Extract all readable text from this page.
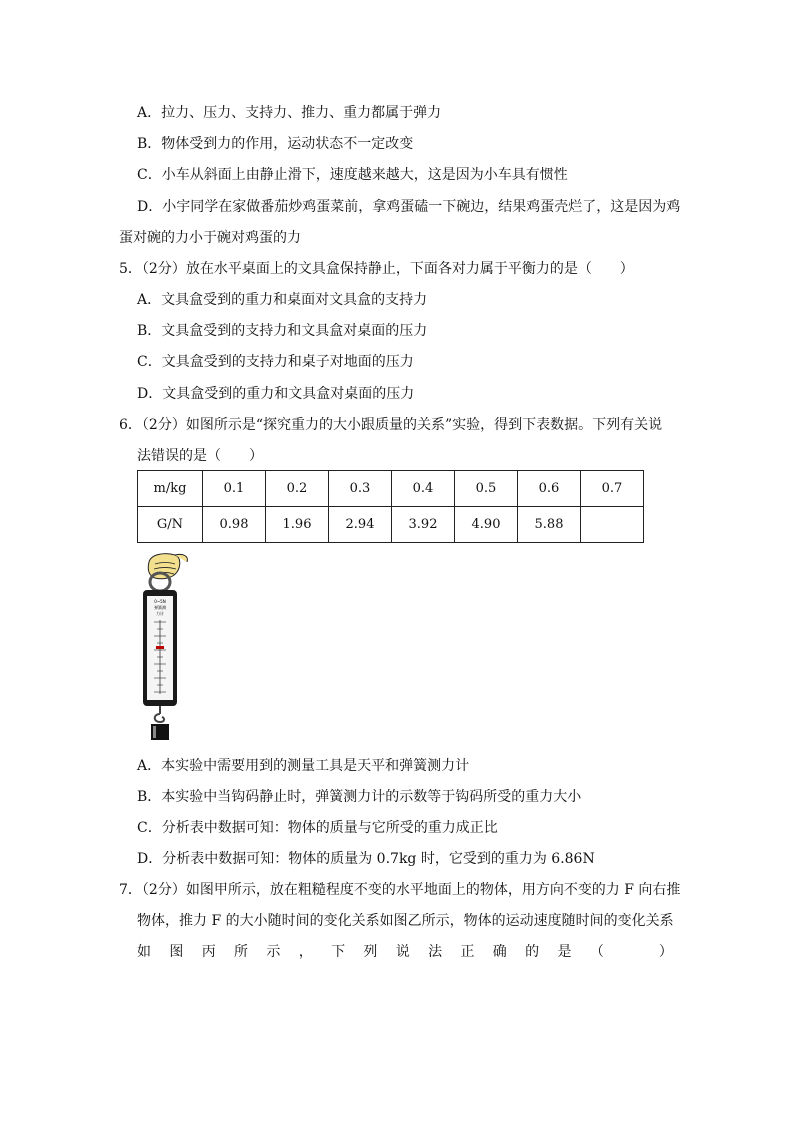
A．拉力、压力、支持力、推力、重力都属于弹力
B．物体受到力的作用，运动状态不一定改变
C．小车从斜面上由静止滑下，速度越来越大，这是因为小车具有惯性
D．小宇同学在家做番茄炒鸡蛋菜前，拿鸡蛋磕一下碗边，结果鸡蛋壳烂了，这是因为鸡
蛋对碗的力小于碗对鸡蛋的力
5．（2分）放在水平桌面上的文具盒保持静止，下面各对力属于平衡力的是（　　）
A．文具盒受到的重力和桌面对文具盒的支持力
B．文具盒受到的支持力和文具盒对桌面的压力
C．文具盒受到的支持力和桌子对地面的压力
D．文具盒受到的重力和文具盒对桌面的压力
6．（2分）如图所示是“探究重力的大小跟质量的关系”实验，得到下表数据。下列有关说
法错误的是（　　）
m/kg	0.1	0.2	0.3	0.4	0.5	0.6	0.7
G/N	0.98	1.96	2.94	3.92	4.90	5.88	
0~5N
弹簧测
力计
A．本实验中需要用到的测量工具是天平和弹簧测力计
B．本实验中当钩码静止时，弹簧测力计的示数等于钩码所受的重力大小
C．分析表中数据可知：物体的质量与它所受的重力成正比
D．分析表中数据可知：物体的质量为 0.7kg 时，它受到的重力为 6.86N
7．（2分）如图甲所示，放在粗糙程度不变的水平地面上的物体，用方向不变的力 F 向右推
物体，推力 F 的大小随时间的变化关系如图乙所示，物体的运动速度随时间的变化关系
如 图 丙 所 示 ， 下 列 说 法 正 确 的 是 （	）
